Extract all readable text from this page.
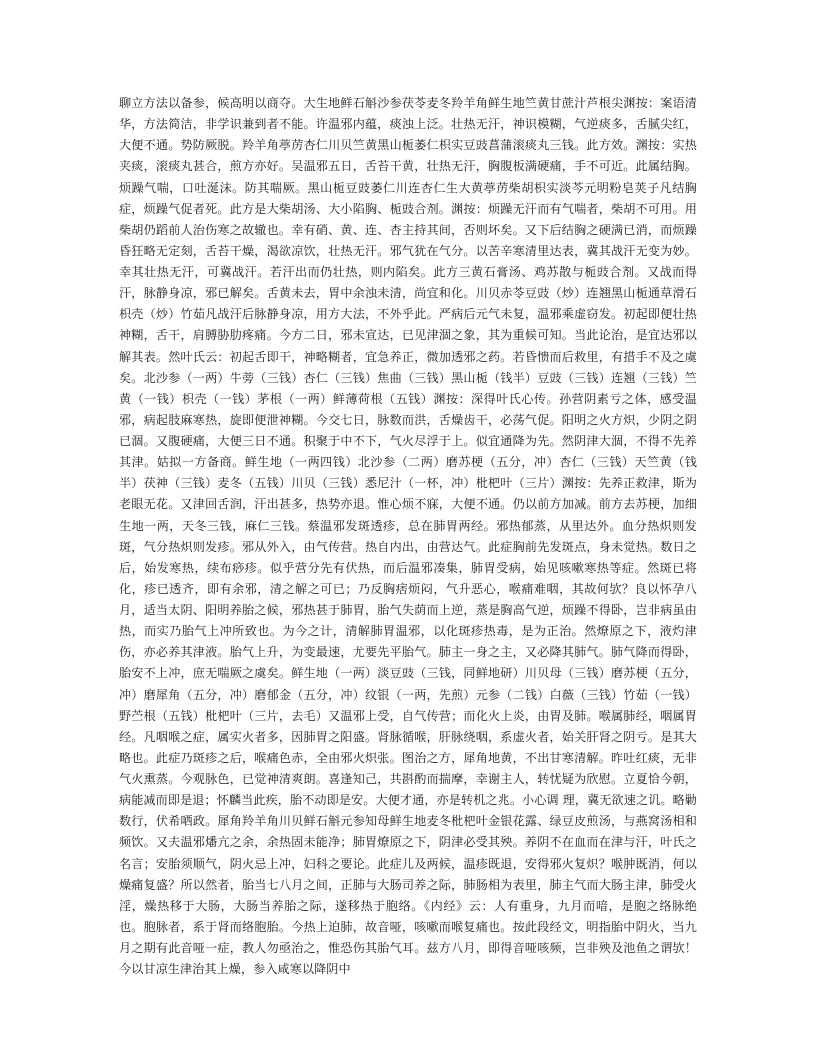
聊立方法以备参，候高明以商夺。大生地鲜石斛沙参茯苓麦冬羚羊角鲜生地竺黄甘蔗汁芦根尖渊按：案语清华，方法简洁，非学识兼到者不能。许温邪内蕴，痰浊上泛。壮热无汗，神识模糊，气逆痰多，舌腻尖红，大便不通。势防厥脱。羚羊角葶苈杏仁川贝竺黄黑山栀萎仁枳实豆豉菖蒲滚痰丸三钱。此方效。渊按：实热夹痰，滚痰丸甚合，煎方亦好。吴温邪五日，舌苔干黄，壮热无汗，胸腹板满硬痛，手不可近。此属结胸。烦躁气喘，口吐涎沫。防其喘厥。黑山栀豆豉萎仁川连杏仁生大黄葶苈柴胡枳实淡芩元明粉皂荚子凡结胸症，烦躁气促者死。此方是大柴胡汤、大小陷胸、栀豉合剂。渊按：烦躁无汗而有气喘者，柴胡不可用。用柴胡仍蹈前人治伤寒之故辙也。幸有硝、黄、连、杏主持其间，否则坏矣。又下后结胸之硬满已消，而烦躁昏狂略无定刻，舌苔干燥，渴欲凉饮，壮热无汗。邪气犹在气分。以苦辛寒清里达表，冀其战汗无变为妙。幸其壮热无汗，可冀战汗。若汗出而仍壮热，则内陷矣。此方三黄石膏汤、鸡苏散与栀豉合剂。又战而得汗，脉静身凉，邪已解矣。舌黄未去，胃中余浊未清，尚宜和化。川贝赤苓豆豉（炒）连翘黑山栀通草滑石枳壳（炒）竹茹凡战汗后脉静身凉，用方大法，不外乎此。严病后元气未复，温邪乘虚窃发。初起即便壮热神糊，舌干，肩膊胁肋疼痛。今方二日，邪未宣达，已见津涸之象，其为重候可知。当此论治，是宜达邪以解其表。然叶氏云：初起舌即干，神略糊者，宜急养正，微加透邪之药。若昏愦而后救里，有措手不及之虞矣。北沙参（一两）牛蒡（三钱）杏仁（三钱）焦曲（三钱）黑山栀（钱半）豆豉（三钱）连翘（三钱）竺黄（一钱）枳壳（一钱）茅根（一两）鲜薄荷根（五钱）渊按：深得叶氏心传。孙营阴素亏之体，感受温邪，病起肢麻寒热，旋即便泄神糊。今交七日，脉数而洪，舌燥齿干，必荡气促。阳明之火方炽，少阴之阴已涸。又腹硬痛，大便三日不通。积聚于中不下，气火尽浮于上。似宜通降为先。然阴津大涸，不得不先养其津。姑拟一方备商。鲜生地（一两四钱）北沙参（二两）磨苏梗（五分，冲）杏仁（三钱）天竺黄（钱半）茯神（三钱）麦冬（五钱）川贝（三钱）悉尼汁（一杯，冲）枇杷叶（三片）渊按：先养正救津，斯为老眼无花。又津回舌润，汗出甚多，热势亦退。惟心烦不寐，大便不通。仍以前方加减。前方去苏梗，加细生地一两，天冬三钱，麻仁三钱。蔡温邪发斑透疹，总在肺胃两经。邪热郁蒸，从里达外。血分热炽则发斑，气分热炽则发疹。邪从外入，由气传营。热自内出，由营达气。此症胸前先发斑点，身未觉热。数日之后，始发寒热，续布痧疹。似乎营分先有伏热，而后温邪凑集，肺胃受病，始见咳嗽寒热等症。然斑已将化，疹已透齐，即有余邪，清之解之可已；乃反胸痞烦闷，气升恶心，喉痛难咽，其故何欤？良以怀孕八月，适当太阴、阳明养胎之候，邪热甚于肺胃，胎气失荫而上逆，蒸是胸高气逆，烦躁不得卧，岂非病虽由热，而实乃胎气上冲所致也。为今之计，清解肺胃温邪，以化斑疹热毒，是为正治。然燎原之下，液灼津伤，亦必养其津液。胎气上升，为变最速，尤要先平胎气。肺主一身之主，又必降其肺气。肺气降而得卧，胎安不上冲，庶无喘厥之虞矣。鲜生地（一两）淡豆豉（三钱，同鲜地研）川贝母（三钱）磨苏梗（五分，冲）磨犀角（五分，冲）磨郁金（五分，冲）纹银（一两，先煎）元参（二钱）白薇（三钱）竹茹（一钱）野苎根（五钱）枇杷叶（三片，去毛）又温邪上受，自气传营；而化火上炎，由胃及肺。喉属肺经，咽属胃经。凡咽喉之症，属实火者多，因肺胃之阳盛。肾脉循喉，肝脉绕咽，系虚火者，始关肝肾之阴亏。是其大略也。此症乃斑疹之后，喉痛色赤，全由邪火炽张。图治之方，犀角地黄，不出甘寒清解。昨吐红痰，无非气火熏蒸。今观脉色，已觉神清爽朗。喜逢知己，共斟酌而揣摩，幸谢主人，转忧疑为欣慰。立夏恰今朝，病能减而即是退；怀麟当此疾，胎不动即是安。大便才通，亦是转机之兆。小心调 理，冀无欲速之讥。略勦数行，伏希哂政。犀角羚羊角川贝鲜石斛元参知母鲜生地麦冬枇杷叶金银花露、绿豆皮煎汤，与燕窝汤相和频饮。又夫温邪燔亢之余，余热固未能净；肺胃燎原之下，阴津必受其殃。养阴不在血而在津与汗，叶氏之名言；安胎须顺气，阴火忌上冲，妇科之要论。此症儿及两候，温疹既退，安得邪火复炽？喉肿既消，何以燥痛复盛？所以然者，胎当七八月之间，正肺与大肠司养之际，肺肠相为表里，肺主气而大肠主津，肺受火淫，燥热移于大肠，大肠当养胎之际，遂移热于胞络。《内经》云：人有重身，九月而喑，是胞之络脉绝也。胞脉者，系于肾而络胞胎。今热上迫肺，故音哑，咳嗽而喉复痛也。按此段经文，明指胎中阴火，当九月之期有此音哑一症，教人勿亟治之，惟恐伤其胎气耳。兹方八月，即得音哑咳频，岂非殃及池鱼之谓欤！今以甘凉生津治其上燥，参入咸寒以降阴中
